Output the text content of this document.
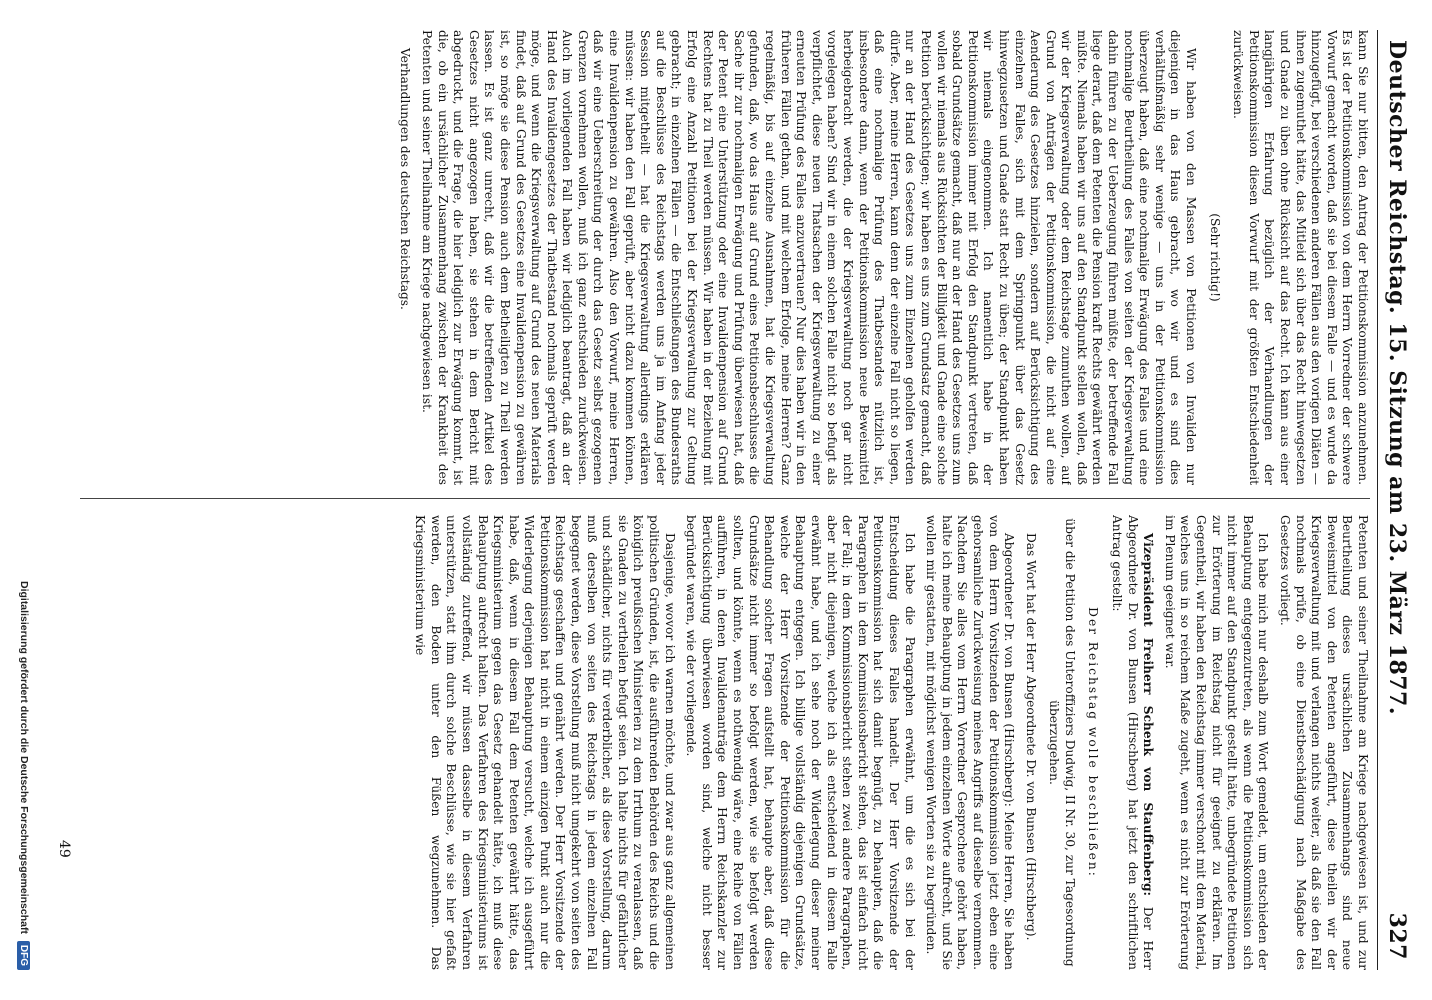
Deutscher Reichstag. 15. Sitzung am 23. März 1877.
327

kann Sie nur bitten, den Antrag der Petitionskommission anzunehmen. Es ist der Petitionskommission von dem Herrn Vorredner der schwere Vorwurf gemacht worden, daß sie bei diesem Falle — und es wurde da hinzugefügt, bei verschiedenen anderen Fällen aus den vorigen Diäten — ihnen zugemuthet hätte, das Mitleid sich über das Recht hinwegsetzen und Gnade zu üben ohne Rücksicht auf das Recht. Ich kann aus einer langjährigen Erfahrung bezüglich der Verhandlungen der Petitionskommission diesen Vorwurf mit der größten Entschiedenheit zurückweisen.

(Sehr richtig!)

Wir haben von den Massen von Petitionen von Invaliden nur diejenigen in das Haus gebracht, wo wir und es sind dies verhältnißmäßig sehr wenige — uns in der Petitionskommission überzeugt haben, daß eine nochmalige Erwägung des Falles und eine nochmalige Beurtheilung des Falles von seiten der Kriegsverwaltung dahin führen zu der Ueberzeugung führen müßte, der betreffende Fall liege derart, daß dem Petenten die Pension kraft Rechts gewährt werden müßte. Niemals haben wir uns auf den Standpunkt stellen wollen, daß wir der Kriegsverwaltung oder dem Reichstage zumuthen wollen, auf Grund von Anträgen der Petitionskommission, die nicht auf eine Aenderung des Gesetzes hinzielen, sondern auf Berücksichtigung des einzelnen Falles, sich mit dem Springpunkt über das Gesetz hinwegzusetzen und Gnade statt Recht zu üben; der Standpunkt haben wir niemals eingenommen. Ich namentlich habe in der Petitionskommission immer mit Erfolg den Standpunkt vertreten, daß sobald Grundsätze gemacht, daß nur an der Hand des Gesetzes uns zum wollen wir niemals aus Rücksichten der Billigkeit und Gnade eine solche Petition berücksichtigen; wir haben es uns zum Grundsatz gemacht, daß nur an der Hand des Gesetzes uns zum Einzelnen geholfen werden dürfe. Aber, meine Herren, kann denn der einzelne Fall nicht so liegen, daß eine nochmalige Prüfung des Thatbestandes nützlich ist, insbesondere dann, wenn der Petitionskommission neue Beweismittel herbeigebracht werden, die der Kriegsverwaltung noch gar nicht vorgelegen haben? Sind wir in einem solchen Falle nicht so befugt als verpflichtet, diese neuen Thatsachen der Kriegsverwaltung zu einer erneuten Prüfung des Falles anzuvertrauen? Nur dies haben wir in den früheren Fällen gethan, und mit welchem Erfolge, meine Herren? Ganz regelmäßig, bis auf einzelne Ausnahmen, hat die Kriegsverwaltung gefunden, daß, wo das Haus auf Grund eines Petitionsbeschlusses die Sache ihr zur nochmaligen Erwägung und Prüfung überwiesen hat, daß der Petent eine Unterstützung oder eine Invalidenpension auf Grund Rechtens hat zu Theil werden müssen. Wir haben in der Beziehung mit Erfolg eine Anzahl Petitionen bei der Kriegsverwaltung zur Geltung gebracht; in einzelnen Fällen — die Entschließungen des Bundesraths auf die Beschlüsse des Reichstags werden uns ja im Anfang jeder Session mitgetheilt — hat die Kriegsverwaltung allerdings erklären müssen: wir haben den Fall geprüft, aber nicht dazu kommen können, eine Invalidenpension zu gewähren. Also den Vorwurf, meine Herren, daß wir eine Ueberschreitung der durch das Gesetz selbst gezogenen Grenzen vornehmen wollen, muß ich ganz entschieden zurückweisen. Auch im vorliegenden Fall haben wir lediglich beantragt, daß an der Hand des Invalidengesetzes der Thatbestand nochmals geprüft werden möge, und wenn die Kriegsverwaltung auf Grund des neuen Materials findet, daß auf Grund des Gesetzes eine Invalidenpension zu gewähren ist, so möge sie diese Pension auch dem Betheiligten zu Theil werden lassen. Es ist ganz unrecht, daß wir die betreffenden Artikel des Gesetzes nicht angezogen haben, sie stehen in dem Bericht mit abgedruckt, und die Frage, die hier lediglich zur Erwägung kommt, ist die, ob ein ursächlicher Zusammenhang zwischen der Krankheit des Petenten und seiner Theilnahme am Kriege nachgewiesen ist.

Verhandlungen des deutschen Reichstags.

Petenten und seiner Theilnahme am Kriege nachgewiesen ist, und zur Beurtheilung dieses ursächlichen Zusammenhangs sind neue Beweismittel von den Petenten angeführt, diese theilen wir der Kriegsverwaltung mit und verlangen nichts weiter, als daß sie den Fall nochmals prüfe, ob eine Dienstbeschädigung nach Maßgabe des Gesetzes vorliegt.

Ich habe mich nur deshalb zum Wort gemeldet, um entschieden der Behauptung entgegenzutreten, als wenn die Petitionskommission sich nicht immer auf den Standpunkt gestellt hätte, unbegründete Petitionen zur Erörterung im Reichstag nicht für geeignet zu erklären. Im Gegentheil, wir haben den Reichstag immer verschont mit dem Material, welches uns in so reichem Maße zugeht, wenn es nicht zur Erörterung im Plenum geeignet war.

Vizepräsident Freiherr Schenk von Stauffenberg: Der Herr Abgeordnete Dr. von Bunsen (Hirschberg) hat jetzt den schriftlichen Antrag gestellt:

Der Reichstag wolle beschließen:

über die Petition des Unteroffiziers Dudwig, II Nr. 30, zur Tagesordnung überzugehen.

Das Wort hat der Herr Abgeordnete Dr. von Bunsen (Hirschberg).

Abgeordneter Dr. von Bunsen (Hirschberg): Meine Herren, Sie haben von dem Herrn Vorsitzenden der Petitionskommission jetzt eben eine gehorsamliche Zurückweisung meines Angriffs auf dieselbe vernommen. Nachdem Sie alles vom Herrn Vorredner Gesprochene gehört haben, halte ich meine Behauptung in jedem einzelnen Worte aufrecht, und Sie wollen mir gestatten, mit möglichst wenigen Worten sie zu begründen.

Ich habe die Paragraphen erwähnt, um die es sich bei der Entscheidung dieses Falles handelt. Der Herr Vorsitzende der Petitionskommission hat sich damit begnügt, zu behaupten, daß die Paragraphen in dem Kommissionsbericht stehen, das ist einfach nicht der Fall; in dem Kommissionsbericht stehen zwei andere Paragraphen, aber nicht diejenigen, welche ich als entscheidend in diesem Falle erwähnt habe, und ich sehe noch der Widerlegung dieser meiner Behauptung entgegen. Ich billige vollständig diejenigen Grundsätze, welche der Herr Vorsitzende der Petitionskommission für die Behandlung solcher Fragen aufstellt hat, behaupte aber, daß diese Grundsätze nicht immer so befolgt werden, wie sie befolgt werden sollten, und könnte, wenn es nothwendig wäre, eine Reihe von Fällen aufführen, in denen Invalidenanträge dem Herrn Reichskanzler zur Berücksichtigung überwiesen worden sind, welche nicht besser begründet waren, wie der vorliegende.

Dasjenige, wovor ich warnen möchte, und zwar aus ganz allgemeinen politischen Gründen, ist, die ausführenden Behörden des Reichs und die königlich preußischen Ministerien zu dem Irrthum zu veranlassen, daß sie Gnaden zu vertheilen befugt seien. Ich halte nichts für gefährlicher und schädlicher, nichts für verderblicher, als diese Vorstellung, darum muß derselben von seiten des Reichstags in jedem einzelnen Fall begegnet werden, diese Vorstellung muß nicht umgekehrt von seiten des Reichstags geschaffen und genährt werden. Der Herr Vorsitzende der Petitionskommission hat nicht in einem einzigen Punkt auch nur die Widerlegung derjenigen Behauptung versucht, welche ich ausgeführt habe, daß, wenn in diesem Fall dem Petenten gewährt hätte, das Kriegsministerium gegen das Gesetz gehandelt hätte, ich muß diese Behauptung aufrecht halten. Das Verfahren des Kriegsministeriums ist vollständig zutreffend, wir müssen dasselbe in diesem Verfahren unterstützen, statt ihm durch solche Beschlüsse, wie sie hier gefaßt werden, den Boden unter den Füßen wegzunehmen. Das Kriegsministerium wie

49
Digitalisierung gefördert durch die Deutsche Forschungsgemeinschaft DFG
